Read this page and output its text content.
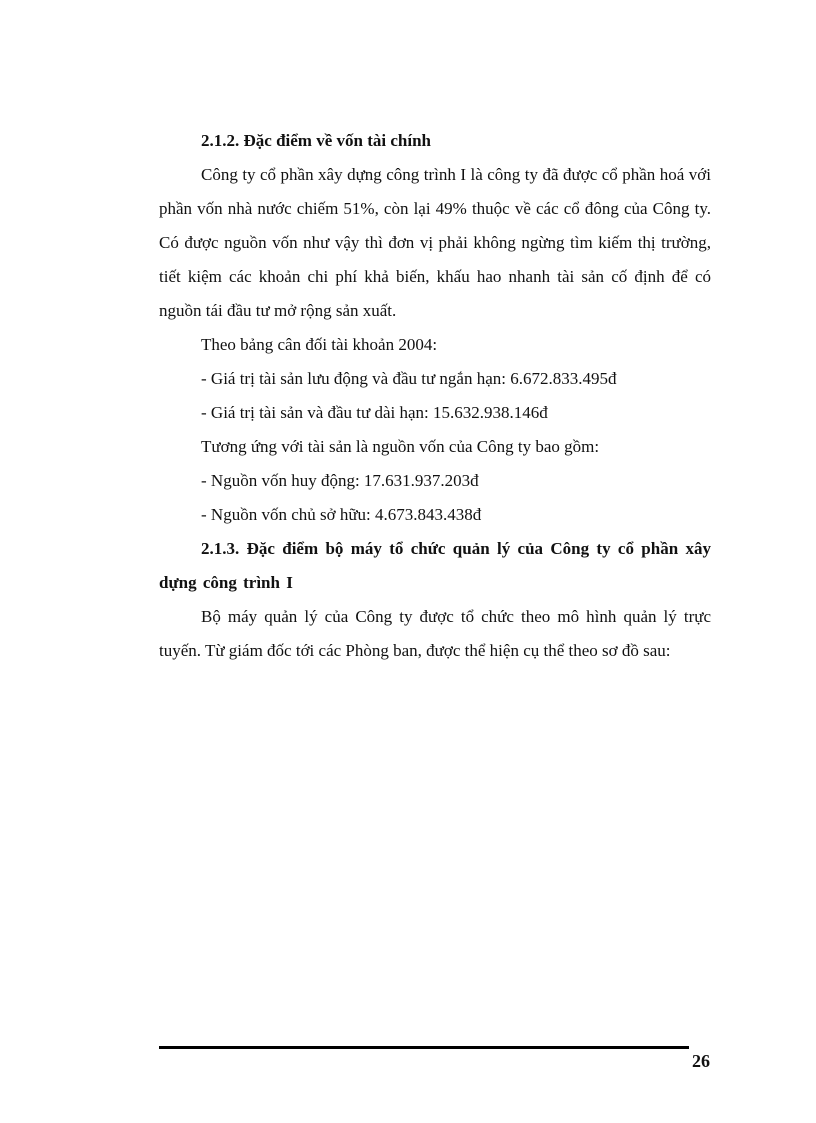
2.1.2. Đặc điểm về vốn tài chính

Công ty cổ phần xây dựng công trình I là công ty đã được cổ phần hoá với phần vốn nhà nước chiếm 51%, còn lại 49% thuộc về các cổ đông của Công ty. Có được nguồn vốn như vậy thì đơn vị phải không ngừng tìm kiếm thị trường, tiết kiệm các khoản chi phí khả biến, khấu hao nhanh tài sản cố định để có nguồn tái đầu tư mở rộng sản xuất.

Theo bảng cân đối tài khoản 2004:

- Giá trị tài sản lưu động và đầu tư ngắn hạn: 6.672.833.495đ

- Giá trị tài sản và đầu tư dài hạn: 15.632.938.146đ

Tương ứng với tài sản là nguồn vốn của Công ty bao gồm:

- Nguồn vốn huy động: 17.631.937.203đ

- Nguồn vốn chủ sở hữu: 4.673.843.438đ

2.1.3. Đặc điểm bộ máy tổ chức quản lý của Công ty cổ phần xây dựng công trình I

Bộ máy quản lý của Công ty được tổ chức theo mô hình quản lý trực tuyến. Từ giám đốc tới các Phòng ban, được thể hiện cụ thể theo sơ đồ sau:

26
